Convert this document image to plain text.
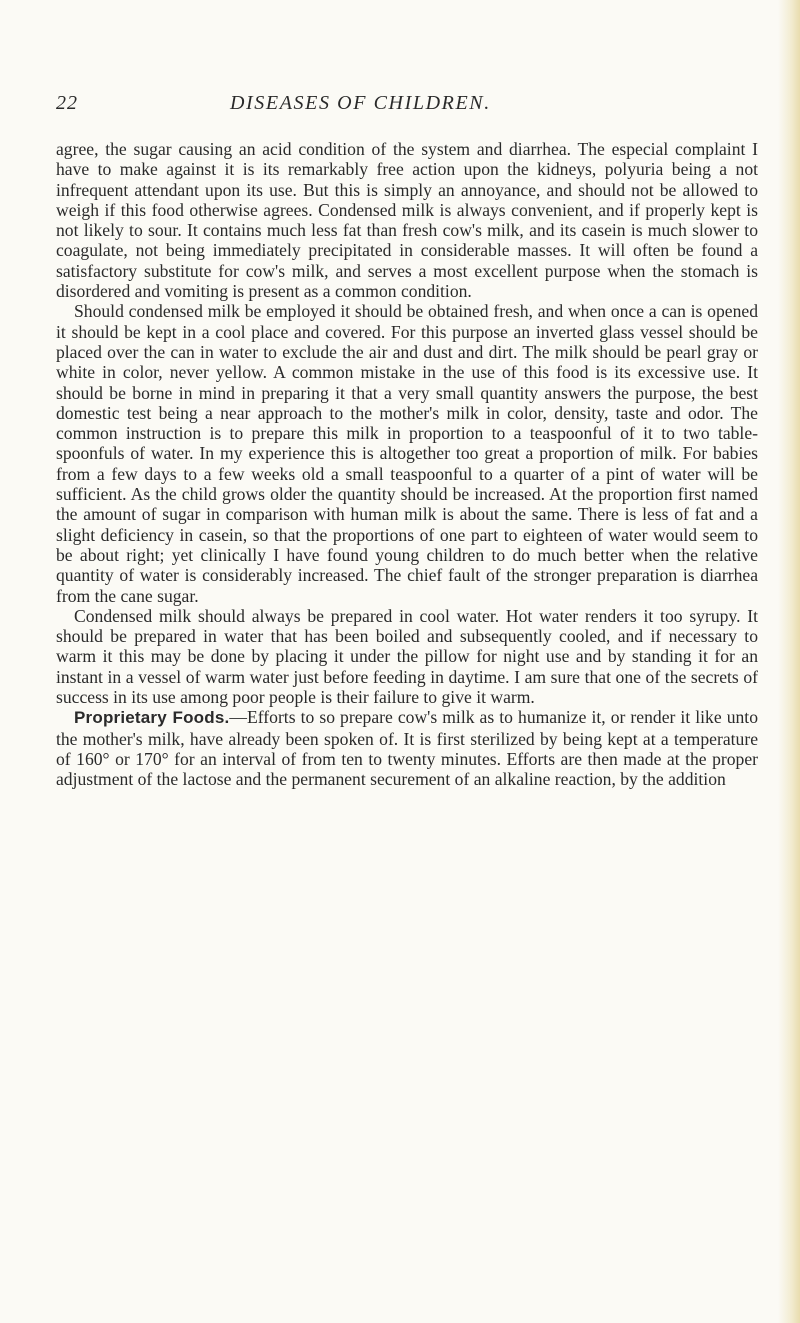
22	DISEASES OF CHILDREN.

agree, the sugar causing an acid condition of the system and diarrhea. The especial complaint I have to make against it is its remarkably free action upon the kidneys, polyuria being a not infrequent attendant upon its use. But this is simply an annoyance, and should not be allowed to weigh if this food otherwise agrees. Condensed milk is always convenient, and if properly kept is not likely to sour. It contains much less fat than fresh cow's milk, and its casein is much slower to coagulate, not being immediately precipitated in considerable masses. It will often be found a satisfactory substitute for cow's milk, and serves a most excellent purpose when the stomach is disordered and vomiting is present as a common condition.

Should condensed milk be employed it should be obtained fresh, and when once a can is opened it should be kept in a cool place and covered. For this purpose an inverted glass vessel should be placed over the can in water to exclude the air and dust and dirt. The milk should be pearl gray or white in color, never yellow. A common mistake in the use of this food is its excessive use. It should be borne in mind in preparing it that a very small quantity answers the purpose, the best domestic test being a near approach to the mother's milk in color, density, taste and odor. The common instruction is to prepare this milk in proportion to a teaspoonful of it to two table-spoonfuls of water. In my experience this is altogether too great a proportion of milk. For babies from a few days to a few weeks old a small teaspoonful to a quarter of a pint of water will be sufficient. As the child grows older the quantity should be increased. At the proportion first named the amount of sugar in comparison with human milk is about the same. There is less of fat and a slight deficiency in casein, so that the proportions of one part to eighteen of water would seem to be about right; yet clinically I have found young children to do much better when the relative quantity of water is considerably increased. The chief fault of the stronger preparation is diarrhea from the cane sugar.

Condensed milk should always be prepared in cool water. Hot water renders it too syrupy. It should be prepared in water that has been boiled and subsequently cooled, and if necessary to warm it this may be done by placing it under the pillow for night use and by standing it for an instant in a vessel of warm water just before feeding in daytime. I am sure that one of the secrets of success in its use among poor people is their failure to give it warm.

Proprietary Foods.—Efforts to so prepare cow's milk as to humanize it, or render it like unto the mother's milk, have already been spoken of. It is first sterilized by being kept at a temperature of 160° or 170° for an interval of from ten to twenty minutes. Efforts are then made at the proper adjustment of the lactose and the permanent securement of an alkaline reaction, by the addition
